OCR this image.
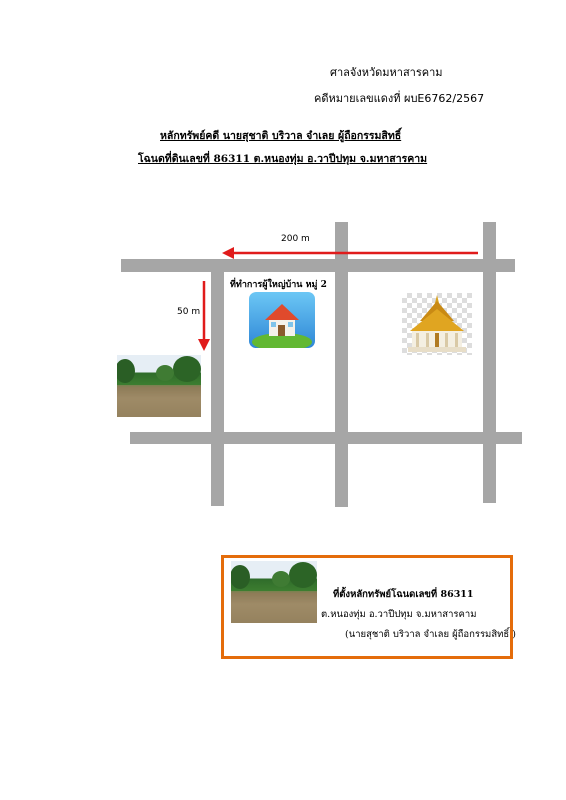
ศาลจังหวัดมหาสารคาม
คดีหมายเลขแดงที่ ผบE6762/2567
หลักทรัพย์คดี นายสุชาติ บริวาล จำเลย ผู้ถือกรรมสิทธิ์
โฉนดที่ดินเลขที่ 86311 ต.หนองทุ่ม อ.วาปีปทุม จ.มหาสารคาม
200 m
50 m
ที่ทำการผู้ใหญ่บ้าน หมู่ 2
ที่ตั้งหลักทรัพย์โฉนดเลขที่ 86311
ต.หนองทุ่ม อ.วาปีปทุม จ.มหาสารคาม
(นายสุชาติ บริวาล จำเลย ผู้ถือกรรมสิทธิ์ )
